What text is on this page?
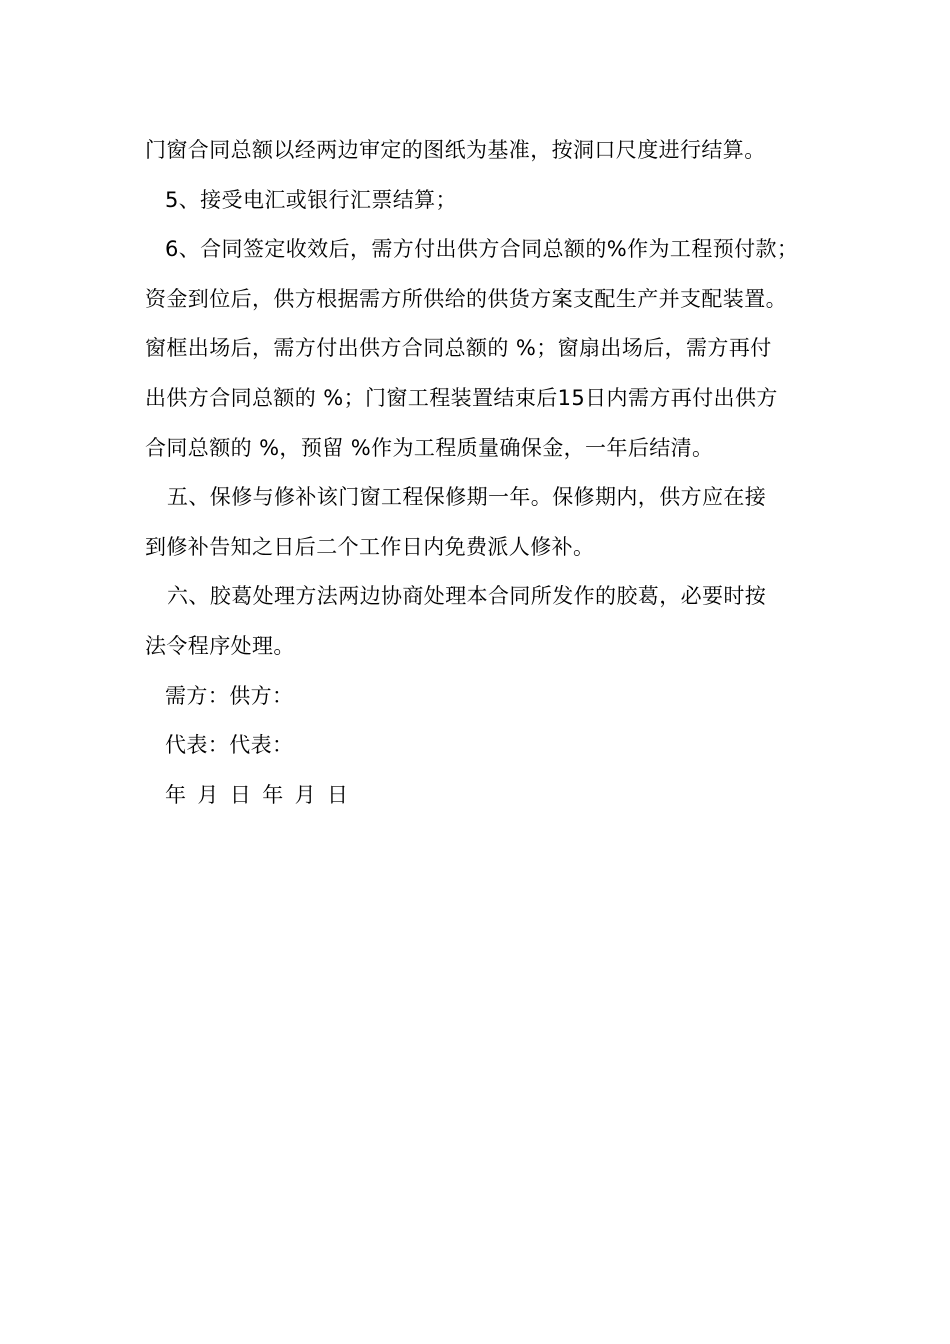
门窗合同总额以经两边审定的图纸为基准，按洞口尺度进行结算。
5、接受电汇或银行汇票结算；
6、合同签定收效后，需方付出供方合同总额的%作为工程预付款；
资金到位后，供方根据需方所供给的供货方案支配生产并支配装置。
窗框出场后，需方付出供方合同总额的 %；窗扇出场后，需方再付
出供方合同总额的 %；门窗工程装置结束后15日内需方再付出供方
合同总额的 %，预留 %作为工程质量确保金，一年后结清。
五、保修与修补该门窗工程保修期一年。保修期内，供方应在接
到修补告知之日后二个工作日内免费派人修补。
六、胶葛处理方法两边协商处理本合同所发作的胶葛，必要时按
法令程序处理。
需方：供方：
代表：代表：
年 月 日 年 月 日
